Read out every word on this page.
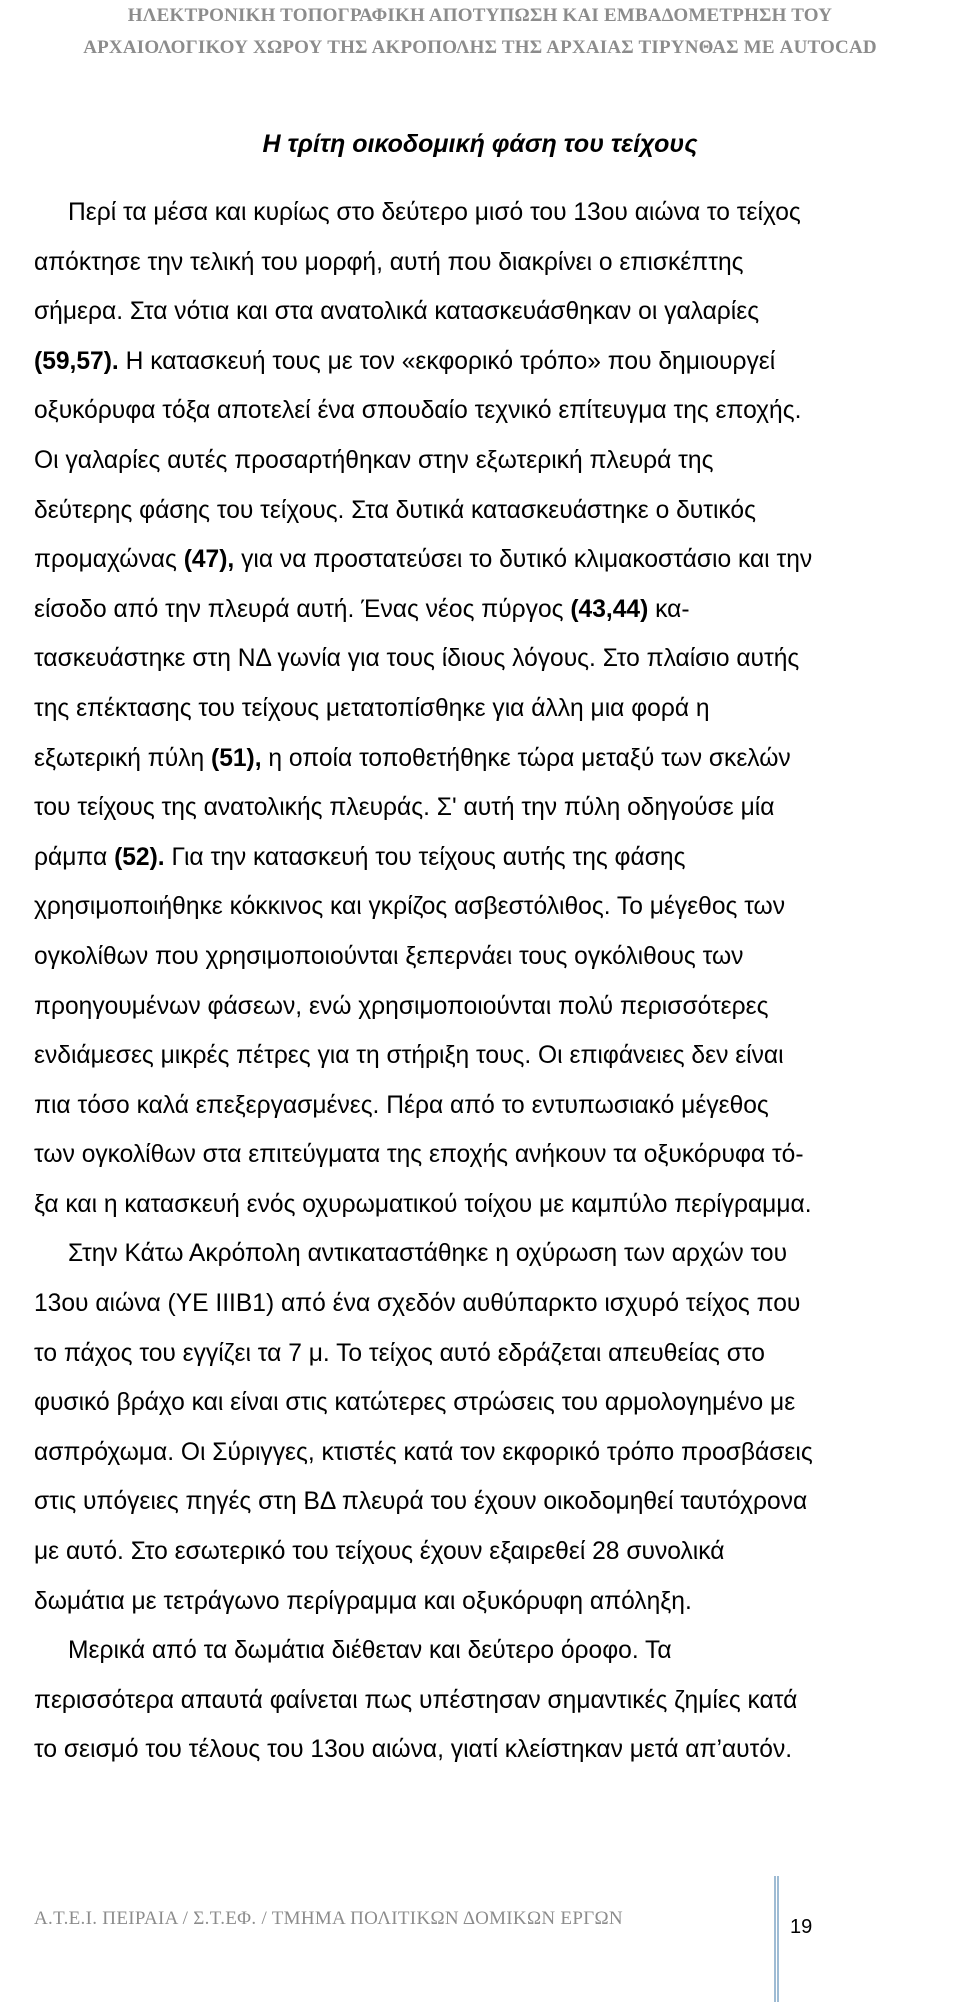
ΗΛΕΚΤΡΟΝΙΚΗ ΤΟΠΟΓΡΑΦΙΚΗ ΑΠΟΤΥΠΩΣΗ ΚΑΙ ΕΜΒΑΔΟΜΕΤΡΗΣΗ ΤΟΥ
ΑΡΧΑΙΟΛΟΓΙΚΟΥ ΧΩΡΟΥ ΤΗΣ ΑΚΡΟΠΟΛΗΣ ΤΗΣ ΑΡΧΑΙΑΣ ΤΙΡΥΝΘΑΣ ΜΕ AUTOCAD
Η τρίτη οικοδομική φάση του τείχους
Περί τα μέσα και κυρίως στο δεύτερο μισό του 13ου αιώνα το τείχος
απόκτησε την τελική του μορφή, αυτή που διακρίνει ο επισκέπτης
σήμερα. Στα νότια και στα ανατολικά κατασκευάσθηκαν οι γαλαρίες
(59,57). Η κατασκευή τους με τον «εκφορικό τρόπο» που δημιουργεί
οξυκόρυφα τόξα αποτελεί ένα σπουδαίο τεχνικό επίτευγμα της εποχής.
Οι γαλαρίες αυτές προσαρτήθηκαν στην εξωτερική πλευρά της
δεύτερης φάσης του τείχους. Στα δυτικά κατασκευάστηκε ο δυτικός
προμαχώνας (47), για να προστατεύσει το δυτικό κλιμακοστάσιο και την
είσοδο από την πλευρά αυτή. Ένας νέος πύργος (43,44) κα-
τασκευάστηκε στη ΝΔ γωνία για τους ίδιους λόγους. Στο πλαίσιο αυτής
της επέκτασης του τείχους μετατοπίσθηκε για άλλη μια φορά η
εξωτερική πύλη (51), η οποία τοποθετήθηκε τώρα μεταξύ των σκελών
του τείχους της ανατολικής πλευράς. Σ' αυτή την πύλη οδηγούσε μία
ράμπα (52). Για την κατασκευή του τείχους αυτής της φάσης
χρησιμοποιήθηκε κόκκινος και γκρίζος ασβεστόλιθος. Το μέγεθος των
ογκολίθων που χρησιμοποιούνται ξεπερνάει τους ογκόλιθους των
προηγουμένων φάσεων, ενώ χρησιμοποιούνται πολύ περισσότερες
ενδιάμεσες μικρές πέτρες για τη στήριξη τους. Οι επιφάνειες δεν είναι
πια τόσο καλά επεξεργασμένες. Πέρα από το εντυπωσιακό μέγεθος
των ογκολίθων στα επιτεύγματα της εποχής ανήκουν τα οξυκόρυφα τό-
ξα και η κατασκευή ενός οχυρωματικού τοίχου με καμπύλο περίγραμμα.
Στην Κάτω Ακρόπολη αντικαταστάθηκε η οχύρωση των αρχών του
13ου αιώνα (ΥΕ ΙΙΙΒ1) από ένα σχεδόν αυθύπαρκτο ισχυρό τείχος που
το πάχος του εγγίζει τα 7 μ. Το τείχος αυτό εδράζεται απευθείας στο
φυσικό βράχο και είναι στις κατώτερες στρώσεις του αρμολογημένο με
ασπρόχωμα. Οι Σύριγγες, κτιστές κατά τον εκφορικό τρόπο προσβάσεις
στις υπόγειες πηγές στη ΒΔ πλευρά του έχουν οικοδομηθεί ταυτόχρονα
με αυτό. Στο εσωτερικό του τείχους έχουν εξαιρεθεί 28 συνολικά
δωμάτια με τετράγωνο περίγραμμα και οξυκόρυφη απόληξη.
Μερικά από τα δωμάτια διέθεταν και δεύτερο όροφο. Τα
περισσότερα απαυτά φαίνεται πως υπέστησαν σημαντικές ζημίες κατά
το σεισμό του τέλους του 13ου αιώνα, γιατί κλείστηκαν μετά απ’αυτόν.
Α.Τ.Ε.Ι. ΠΕΙΡΑΙΑ / Σ.Τ.ΕΦ. / ΤΜΗΜΑ ΠΟΛΙΤΙΚΩΝ ΔΟΜΙΚΩΝ ΕΡΓΩΝ	19
